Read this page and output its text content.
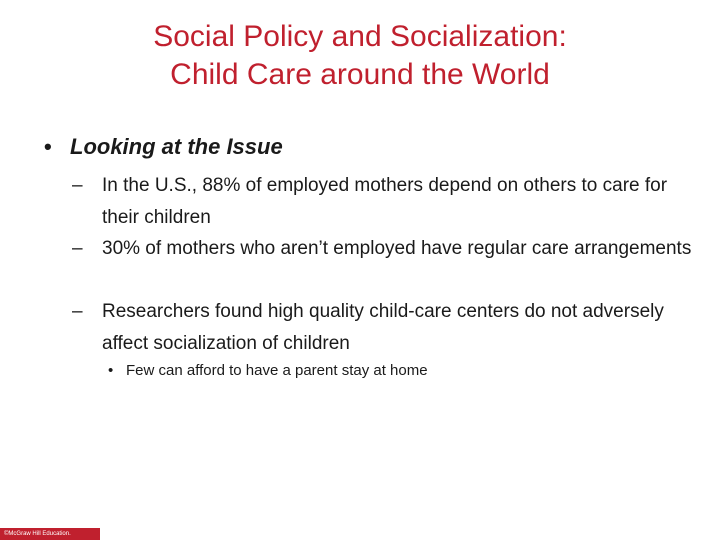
Social Policy and Socialization:
Child Care around the World
• Looking at the Issue
–	In the U.S., 88% of employed mothers depend on others to care for their children
–	30% of mothers who aren’t employed have regular care arrangements
–	Researchers found high quality child-care centers do not adversely affect socialization of children
• Few can afford to have a parent stay at home
©McGraw Hill Education.
